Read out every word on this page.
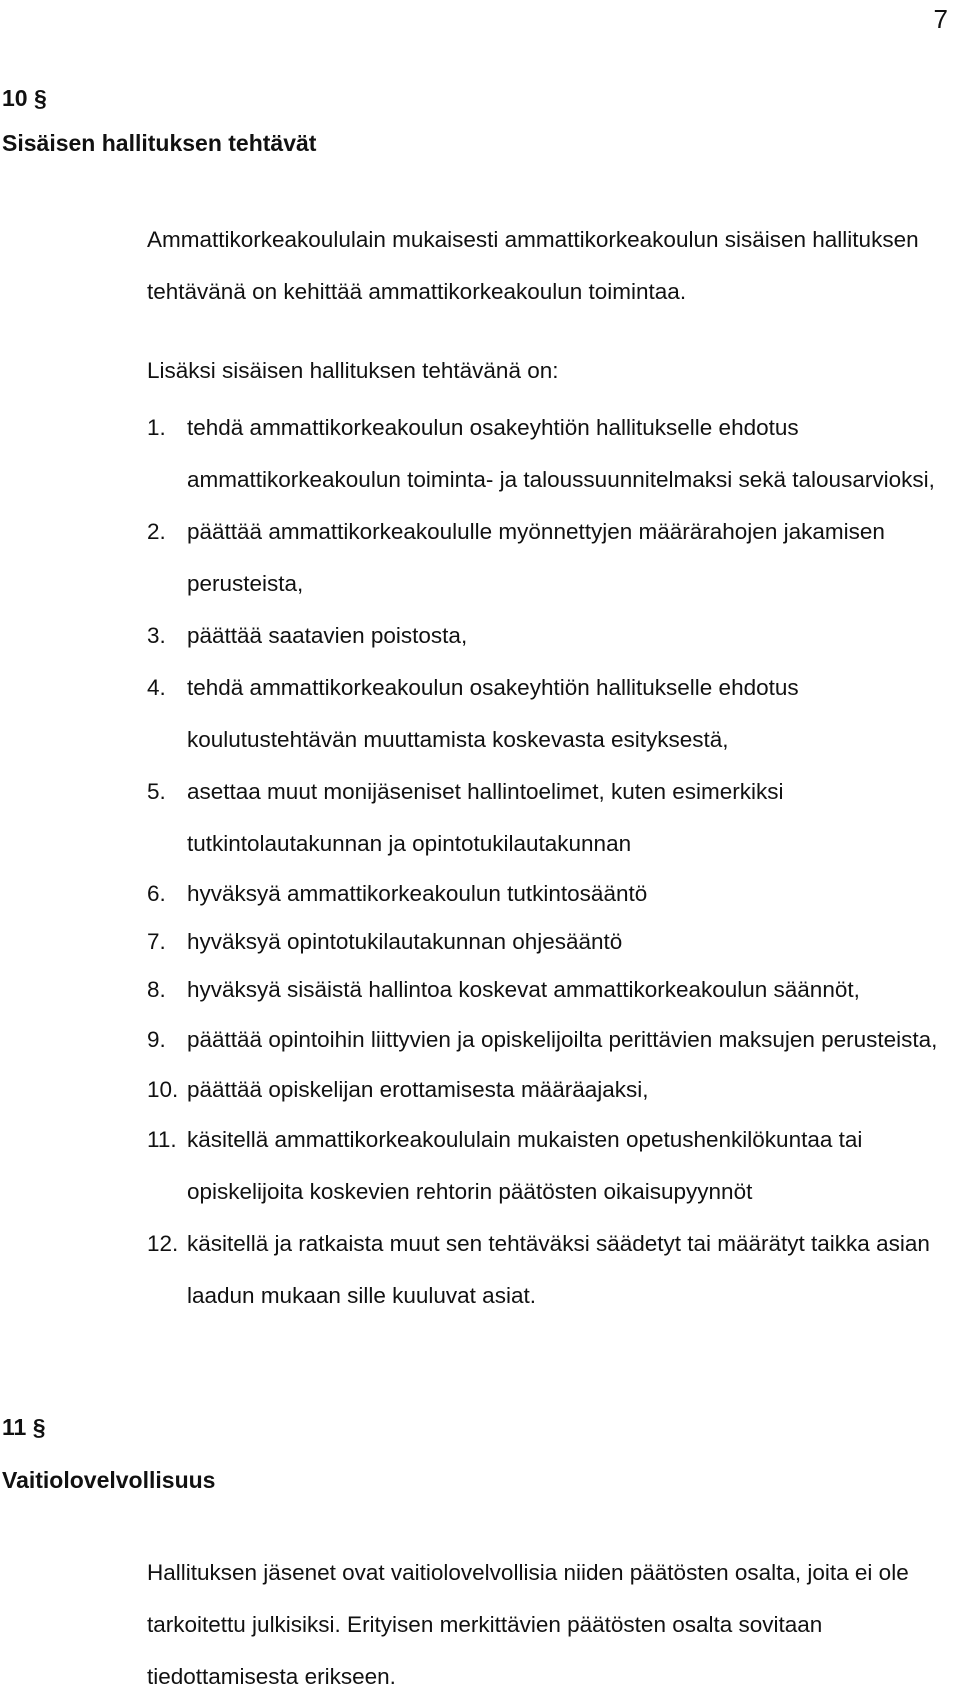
7
10 §
Sisäisen hallituksen tehtävät

Ammattikorkeakoululain mukaisesti ammattikorkeakoulun sisäisen hallituksen tehtävänä on kehittää ammattikorkeakoulun toimintaa.

Lisäksi sisäisen hallituksen tehtävänä on:

1. tehdä ammattikorkeakoulun osakeyhtiön hallitukselle ehdotus ammattikorkeakoulun toiminta- ja taloussuunnitelmaksi sekä talousarvioksi,
2. päättää ammattikorkeakoululle myönnettyjen määrärahojen jakamisen perusteista,
3. päättää saatavien poistosta,
4. tehdä ammattikorkeakoulun osakeyhtiön hallitukselle ehdotus koulutustehtävän muuttamista koskevasta esityksestä,
5. asettaa muut monijäseniset hallintoelimet, kuten esimerkiksi tutkintolautakunnan ja opintotukilautakunnan
6. hyväksyä ammattikorkeakoulun tutkintosääntö
7. hyväksyä opintotukilautakunnan ohjesääntö
8. hyväksyä sisäistä hallintoa koskevat ammattikorkeakoulun säännöt,
9. päättää opintoihin liittyvien ja opiskelijoilta perittävien maksujen perusteista,
10. päättää opiskelijan erottamisesta määräajaksi,
11. käsitellä ammattikorkeakoululain mukaisten opetushenkilökuntaa tai opiskelijoita koskevien rehtorin päätösten oikaisupyynnöt
12. käsitellä ja ratkaista muut sen tehtäväksi säädetyt tai määrätyt taikka asian laadun mukaan sille kuuluvat asiat.
11 §
Vaitiolovelvollisuus

Hallituksen jäsenet ovat vaitiolovelvollisia niiden päätösten osalta, joita ei ole tarkoitettu julkisiksi. Erityisen merkittävien päätösten osalta sovitaan tiedottamisesta erikseen.
